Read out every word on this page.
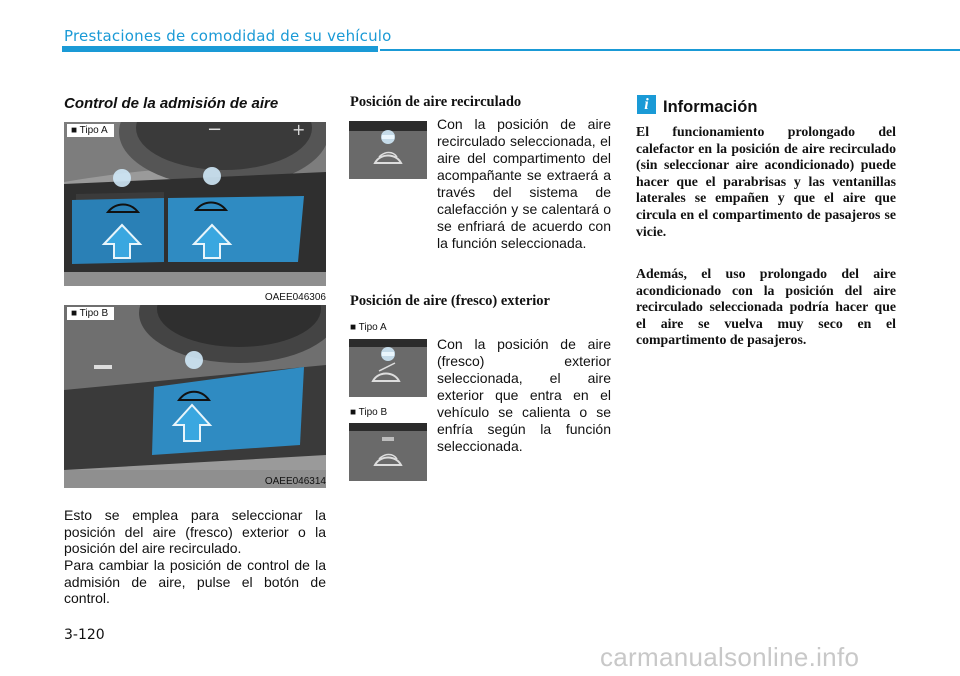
Prestaciones de comodidad de su vehículo
Control de la admisión de aire
−	+
■ Tipo A
OAEE046306
■ Tipo B
OAEE046314
Esto se emplea para seleccionar la posición del aire (fresco) exterior o la posición del aire recirculado.
Para cambiar la posición de control de la admisión de aire, pulse el botón de control.
Posición de aire recirculado
Con la posición de aire recirculado seleccionada, el aire del compartimento del acompañante se extraerá a través del sistema de calefacción y se calentará o se enfriará de acuerdo con la función seleccionada.
Posición de aire (fresco) exterior
■ Tipo A
■ Tipo B
Con la posición de aire (fresco) exterior seleccionada, el aire exterior que entra en el vehículo se calienta o se enfría según la función seleccionada.
i Información
El funcionamiento prolongado del calefactor en la posición de aire recirculado (sin seleccionar aire acondicionado) puede hacer que el parabrisas y las ventanillas laterales se empañen y que el aire que circula en el compartimento de pasajeros se vicie.
Además, el uso prolongado del aire acondicionado con la posición del aire recirculado seleccionada podría hacer que el aire se vuelva muy seco en el compartimento de pasajeros.
3-120
carmanualsonline.info
